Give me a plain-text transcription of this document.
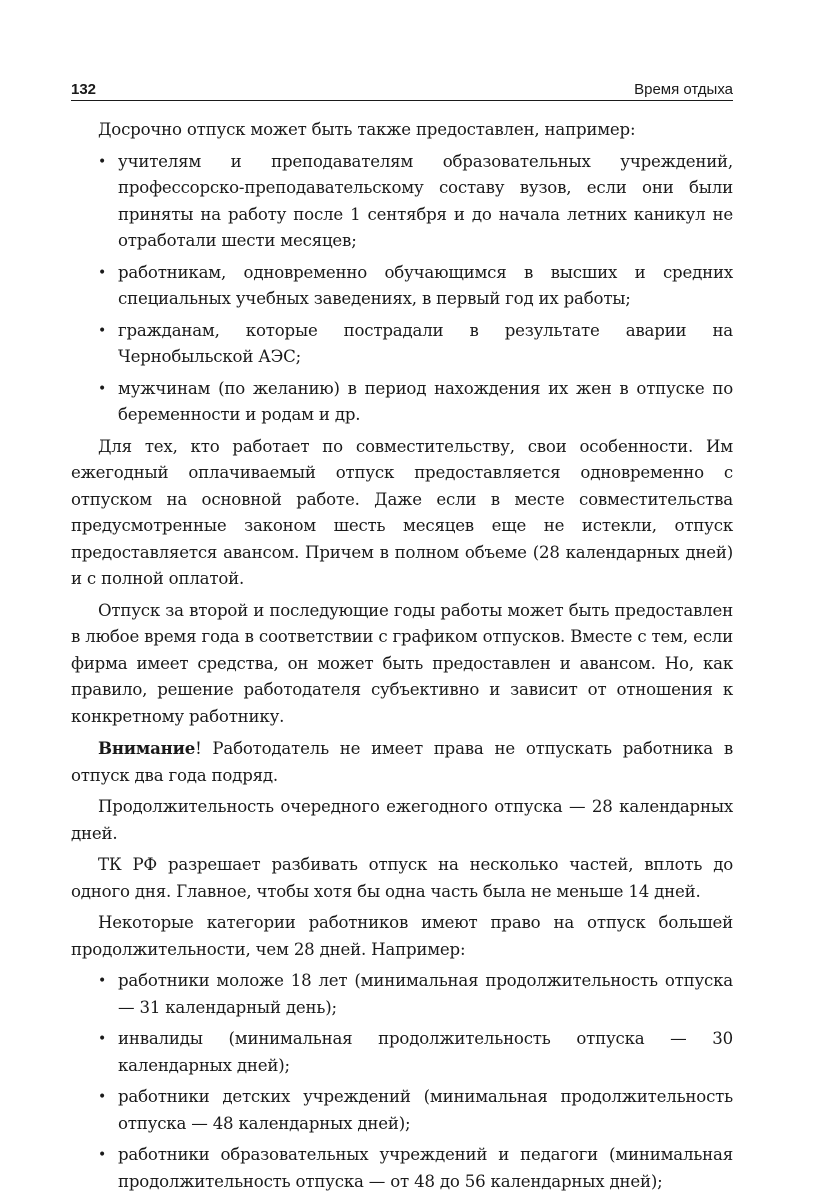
132	Время отдыха

Досрочно отпуск может быть также предоставлен, например:

• учителям и преподавателям образовательных учреждений, профессорско-преподавательскому составу вузов, если они были приняты на работу после 1 сентября и до начала летних каникул не отработали шести месяцев;
• работникам, одновременно обучающимся в высших и средних специальных учебных заведениях, в первый год их работы;
• гражданам, которые пострадали в результате аварии на Чернобыльской АЭС;
• мужчинам (по желанию) в период нахождения их жен в отпуске по беременности и родам и др.

Для тех, кто работает по совместительству, свои особенности. Им ежегодный оплачиваемый отпуск предоставляется одновременно с отпуском на основной работе. Даже если в месте совместительства предусмотренные законом шесть месяцев еще не истекли, отпуск предоставляется авансом. Причем в полном объеме (28 календарных дней) и с полной оплатой.

Отпуск за второй и последующие годы работы может быть предоставлен в любое время года в соответствии с графиком отпусков. Вместе с тем, если фирма имеет средства, он может быть предоставлен и авансом. Но, как правило, решение работодателя субъективно и зависит от отношения к конкретному работнику.

Внимание! Работодатель не имеет права не отпускать работника в отпуск два года подряд.

Продолжительность очередного ежегодного отпуска — 28 календарных дней.

ТК РФ разрешает разбивать отпуск на несколько частей, вплоть до одного дня. Главное, чтобы хотя бы одна часть была не меньше 14 дней.

Некоторые категории работников имеют право на отпуск большей продолжительности, чем 28 дней. Например:

• работники моложе 18 лет (минимальная продолжительность отпуска — 31 календарный день);
• инвалиды (минимальная продолжительность отпуска — 30 календарных дней);
• работники детских учреждений (минимальная продолжительность отпуска — 48 календарных дней);
• работники образовательных учреждений и педагоги (минимальная продолжительность отпуска — от 48 до 56 календарных дней);
